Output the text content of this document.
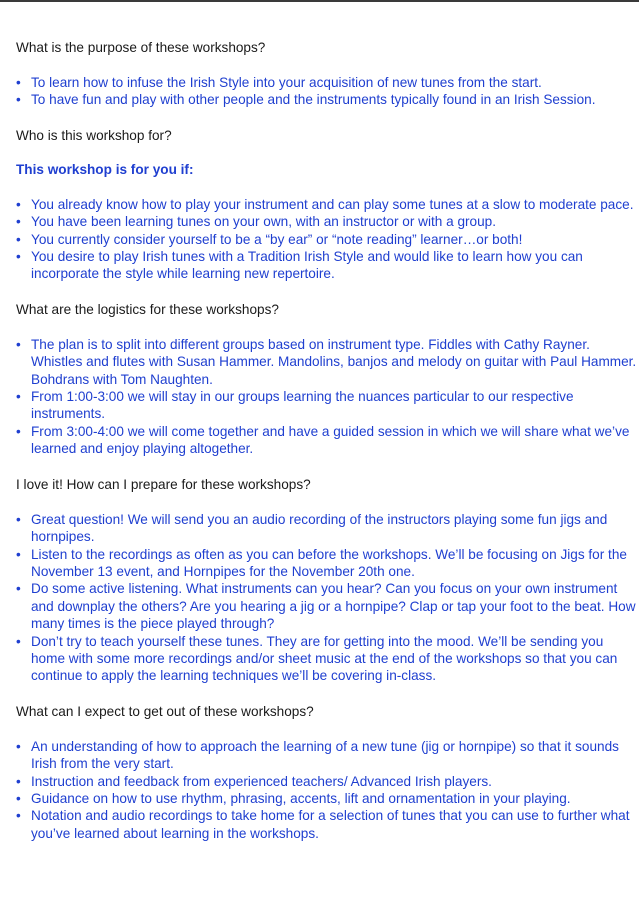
What is the purpose of these workshops?

• To learn how to infuse the Irish Style into your acquisition of new tunes from the start.
• To have fun and play with other people and the instruments typically found in an Irish Session.

Who is this workshop for?

This workshop is for you if:

• You already know how to play your instrument and can play some tunes at a slow to moderate pace.
• You have been learning tunes on your own, with an instructor or with a group.
• You currently consider yourself to be a “by ear” or “note reading” learner…or both!
• You desire to play Irish tunes with a Tradition Irish Style and would like to learn how you can incorporate the style while learning new repertoire.

What are the logistics for these workshops?

• The plan is to split into different groups based on instrument type. Fiddles with Cathy Rayner. Whistles and flutes with Susan Hammer. Mandolins, banjos and melody on guitar with Paul Hammer. Bohdrans with Tom Naughten.
• From 1:00-3:00 we will stay in our groups learning the nuances particular to our respective instruments.
• From 3:00-4:00 we will come together and have a guided session in which we will share what we’ve learned and enjoy playing altogether.

I love it! How can I prepare for these workshops?

• Great question! We will send you an audio recording of the instructors playing some fun jigs and hornpipes.
• Listen to the recordings as often as you can before the workshops. We’ll be focusing on Jigs for the November 13 event, and Hornpipes for the November 20th one.
• Do some active listening. What instruments can you hear? Can you focus on your own instrument and downplay the others? Are you hearing a jig or a hornpipe? Clap or tap your foot to the beat. How many times is the piece played through?
• Don’t try to teach yourself these tunes. They are for getting into the mood. We’ll be sending you home with some more recordings and/or sheet music at the end of the workshops so that you can continue to apply the learning techniques we’ll be covering in-class.

What can I expect to get out of these workshops?

• An understanding of how to approach the learning of a new tune (jig or hornpipe) so that it sounds Irish from the very start.
• Instruction and feedback from experienced teachers/ Advanced Irish players.
• Guidance on how to use rhythm, phrasing, accents, lift and ornamentation in your playing.
• Notation and audio recordings to take home for a selection of tunes that you can use to further what you’ve learned about learning in the workshops.
